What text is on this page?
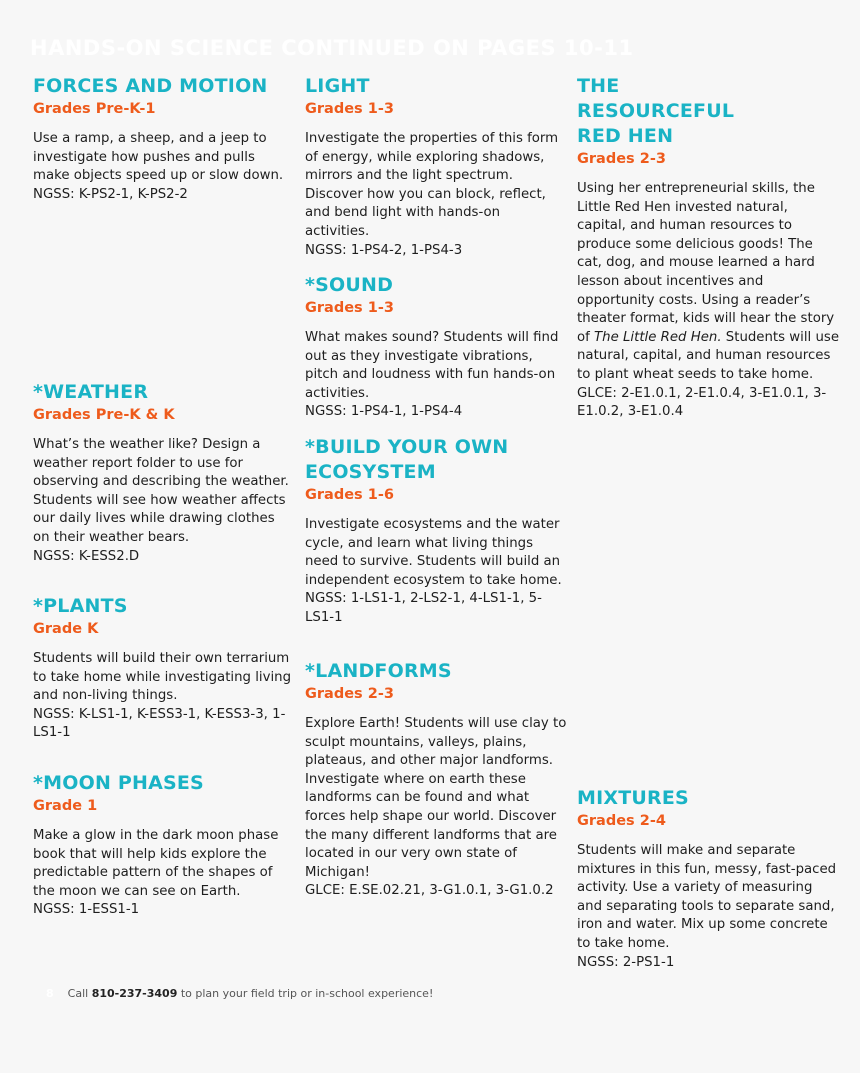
HANDS-ON SCIENCE CONTINUED ON PAGES 10-11
FORCES AND MOTION

Grades Pre-K-1

Use a ramp, a sheep, and a jeep to investigate how pushes and pulls make objects speed up or slow down.

NGSS: K-PS2-1, K-PS2-2

*WEATHER

Grades Pre-K & K

What’s the weather like? Design a weather report folder to use for observing and describing the weather. Students will see how weather affects our daily lives while drawing clothes on their weather bears.

NGSS: K-ESS2.D

*PLANTS

Grade K

Students will build their own terrarium to take home while investigating living and non-living things.

NGSS: K-LS1-1, K-ESS3-1, K-ESS3-3, 1-LS1-1

*MOON PHASES

Grade 1

Make a glow in the dark moon phase book that will help kids explore the predictable pattern of the shapes of the moon we can see on Earth.

NGSS: 1-ESS1-1

LIGHT

Grades 1-3

Investigate the properties of this form of energy, while exploring shadows, mirrors and the light spectrum. Discover how you can block, reflect, and bend light with hands-on activities.

NGSS: 1-PS4-2, 1-PS4-3

*SOUND

Grades 1-3

What makes sound? Students will find out as they investigate vibrations, pitch and loudness with fun hands-on activities.

NGSS: 1-PS4-1, 1-PS4-4

*BUILD YOUR OWN ECOSYSTEM

Grades 1-6

Investigate ecosystems and the water cycle, and learn what living things need to survive. Students will build an independent ecosystem to take home.

NGSS: 1-LS1-1, 2-LS2-1, 4-LS1-1, 5-LS1-1

*LANDFORMS

Grades 2-3

Explore Earth! Students will use clay to sculpt mountains, valleys, plains, plateaus, and other major landforms. Investigate where on earth these landforms can be found and what forces help shape our world. Discover the many different landforms that are located in our very own state of Michigan!

GLCE: E.SE.02.21, 3-G1.0.1, 3-G1.0.2

THE RESOURCEFUL RED HEN

Grades 2-3

Using her entrepreneurial skills, the Little Red Hen invested natural, capital, and human resources to produce some delicious goods! The cat, dog, and mouse learned a hard lesson about incentives and opportunity costs. Using a reader’s theater format, kids will hear the story of The Little Red Hen. Students will use natural, capital, and human resources to plant wheat seeds to take home.

GLCE: 2-E1.0.1, 2-E1.0.4, 3-E1.0.1, 3-E1.0.2, 3-E1.0.4

MIXTURES

Grades 2-4

Students will make and separate mixtures in this fun, messy, fast-paced activity. Use a variety of measuring and separating tools to separate sand, iron and water. Mix up some concrete to take home.

NGSS: 2-PS1-1

8 Call 810-237-3409 to plan your field trip or in-school experience!
